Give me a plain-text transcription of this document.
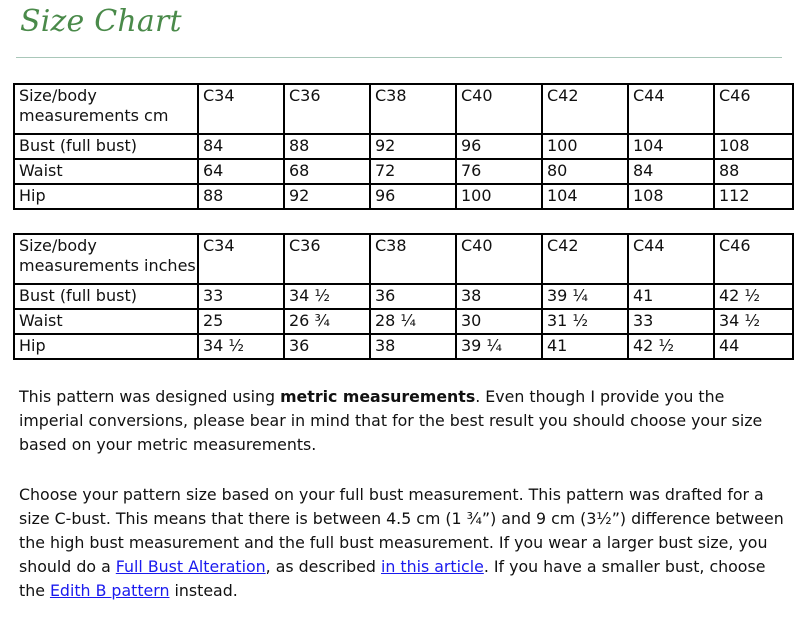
Size Chart
Size/body
measurements cm	C34	C36	C38	C40	C42	C44	C46
Bust (full bust)	84	88	92	96	100	104	108
Waist	64	68	72	76	80	84	88
Hip	88	92	96	100	104	108	112
Size/body
measurements inches	C34	C36	C38	C40	C42	C44	C46
Bust (full bust)	33	34 ½	36	38	39 ¼	41	42 ½
Waist	25	26 ¾	28 ¼	30	31 ½	33	34 ½
Hip	34 ½	36	38	39 ¼	41	42 ½	44

This pattern was designed using metric measurements. Even though I provide you the imperial conversions, please bear in mind that for the best result you should choose your size based on your metric measurements.

Choose your pattern size based on your full bust measurement. This pattern was drafted for a size C-bust. This means that there is between 4.5 cm (1 ¾”) and 9 cm (3½”) difference between the high bust measurement and the full bust measurement. If you wear a larger bust size, you should do a Full Bust Alteration, as described in this article. If you have a smaller bust, choose the Edith B pattern instead.
